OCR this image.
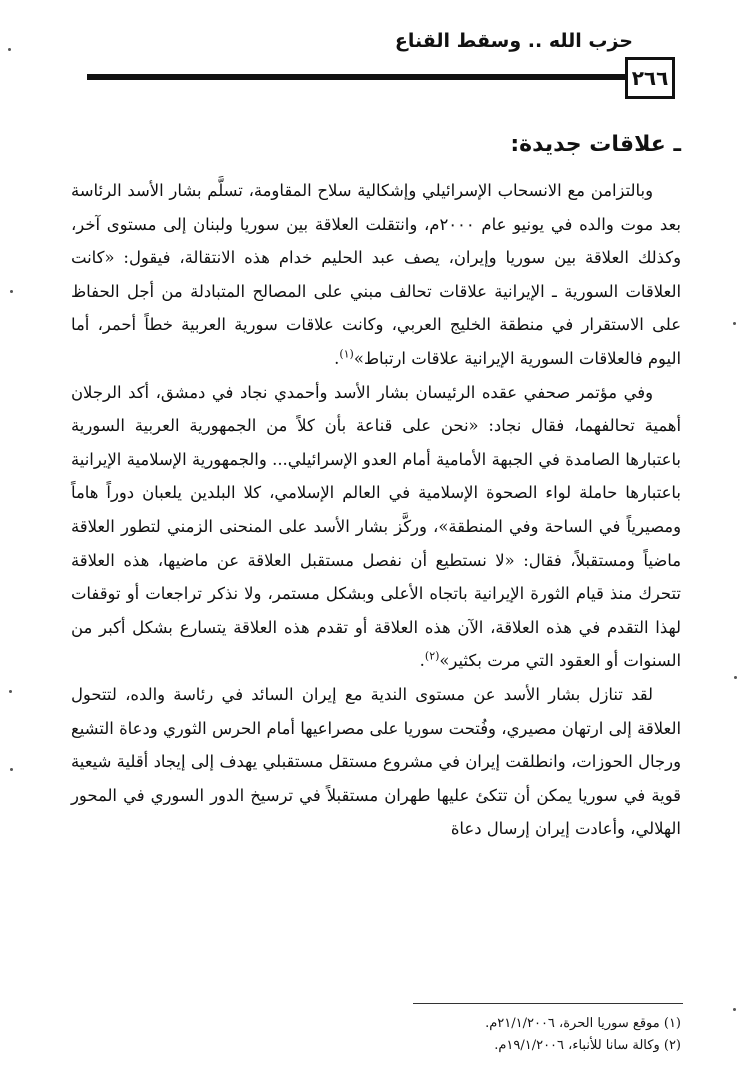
حزب الله .. وسقط القناع
٢٦٦
ـ علاقات جديدة:

وبالتزامن مع الانسحاب الإسرائيلي وإشكالية سلاح المقاومة، تسلَّم بشار الأسد الرئاسة بعد موت والده في يونيو عام ٢٠٠٠م، وانتقلت العلاقة بين سوريا ولبنان إلى مستوى آخر، وكذلك العلاقة بين سوريا وإيران، يصف عبد الحليم خدام هذه الانتقالة، فيقول: «كانت العلاقات السورية ـ الإيرانية علاقات تحالف مبني على المصالح المتبادلة من أجل الحفاظ على الاستقرار في منطقة الخليج العربي، وكانت علاقات سورية العربية خطاً أحمر، أما اليوم فالعلاقات السورية الإيرانية علاقات ارتباط»$^{(١)}$.

وفي مؤتمر صحفي عقده الرئيسان بشار الأسد وأحمدي نجاد في دمشق، أكد الرجلان أهمية تحالفهما، فقال نجاد: «نحن على قناعة بأن كلاً من الجمهورية العربية السورية باعتبارها الصامدة في الجبهة الأمامية أمام العدو الإسرائيلي... والجمهورية الإسلامية الإيرانية باعتبارها حاملة لواء الصحوة الإسلامية في العالم الإسلامي، كلا البلدين يلعبان دوراً هاماً ومصيرياً في الساحة وفي المنطقة»، وركَّز بشار الأسد على المنحنى الزمني لتطور العلاقة ماضياً ومستقبلاً، فقال: «لا نستطيع أن نفصل مستقبل العلاقة عن ماضيها، هذه العلاقة تتحرك منذ قيام الثورة الإيرانية باتجاه الأعلى وبشكل مستمر، ولا نذكر تراجعات أو توقفات لهذا التقدم في هذه العلاقة، الآن هذه العلاقة أو تقدم هذه العلاقة يتسارع بشكل أكبر من السنوات أو العقود التي مرت بكثير»$^{(٢)}$.

لقد تنازل بشار الأسد عن مستوى الندية مع إيران السائد في رئاسة والده، لتتحول العلاقة إلى ارتهان مصيري، وفُتحت سوريا على مصراعيها أمام الحرس الثوري ودعاة التشيع ورجال الحوزات، وانطلقت إيران في مشروع مستقل مستقبلي يهدف إلى إيجاد أقلية شيعية قوية في سوريا يمكن أن تتكئ عليها طهران مستقبلاً في ترسيخ الدور السوري في المحور الهلالي، وأعادت إيران إرسال دعاة

(١) موقع سوريا الحرة، ٢١/١/٢٠٠٦م.
(٢) وكالة سانا للأنباء، ١٩/١/٢٠٠٦م.
